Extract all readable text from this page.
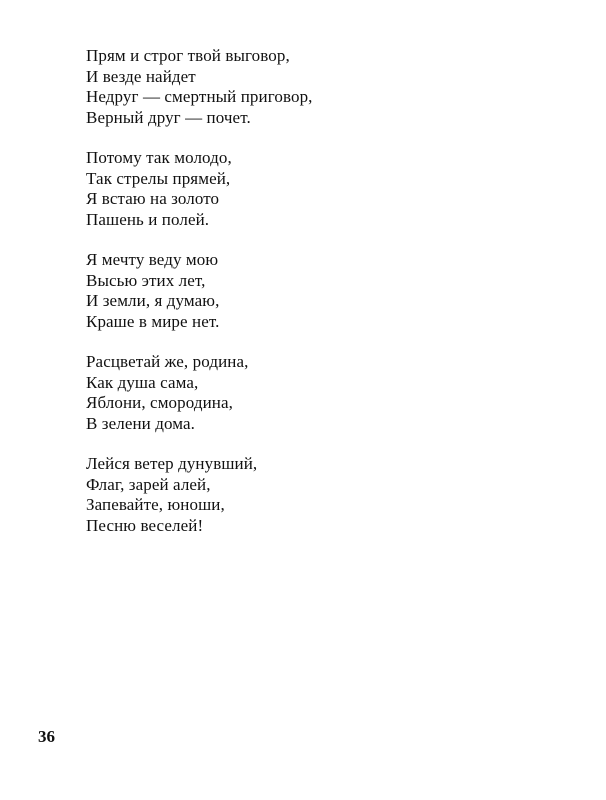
Прям и строг твой выговор,
И везде найдет
Недруг — смертный приговор,
Верный друг — почет.
Потому так молодо,
Так стрелы прямей,
Я встаю на золото
Пашень и полей.
Я мечту веду мою
Высью этих лет,
И земли, я думаю,
Краше в мире нет.
Расцветай же, родина,
Как душа сама,
Яблони, смородина,
В зелени дома.
Лейся ветер дунувший,
Флаг, зарей алей,
Запевайте, юноши,
Песню веселей!
36
